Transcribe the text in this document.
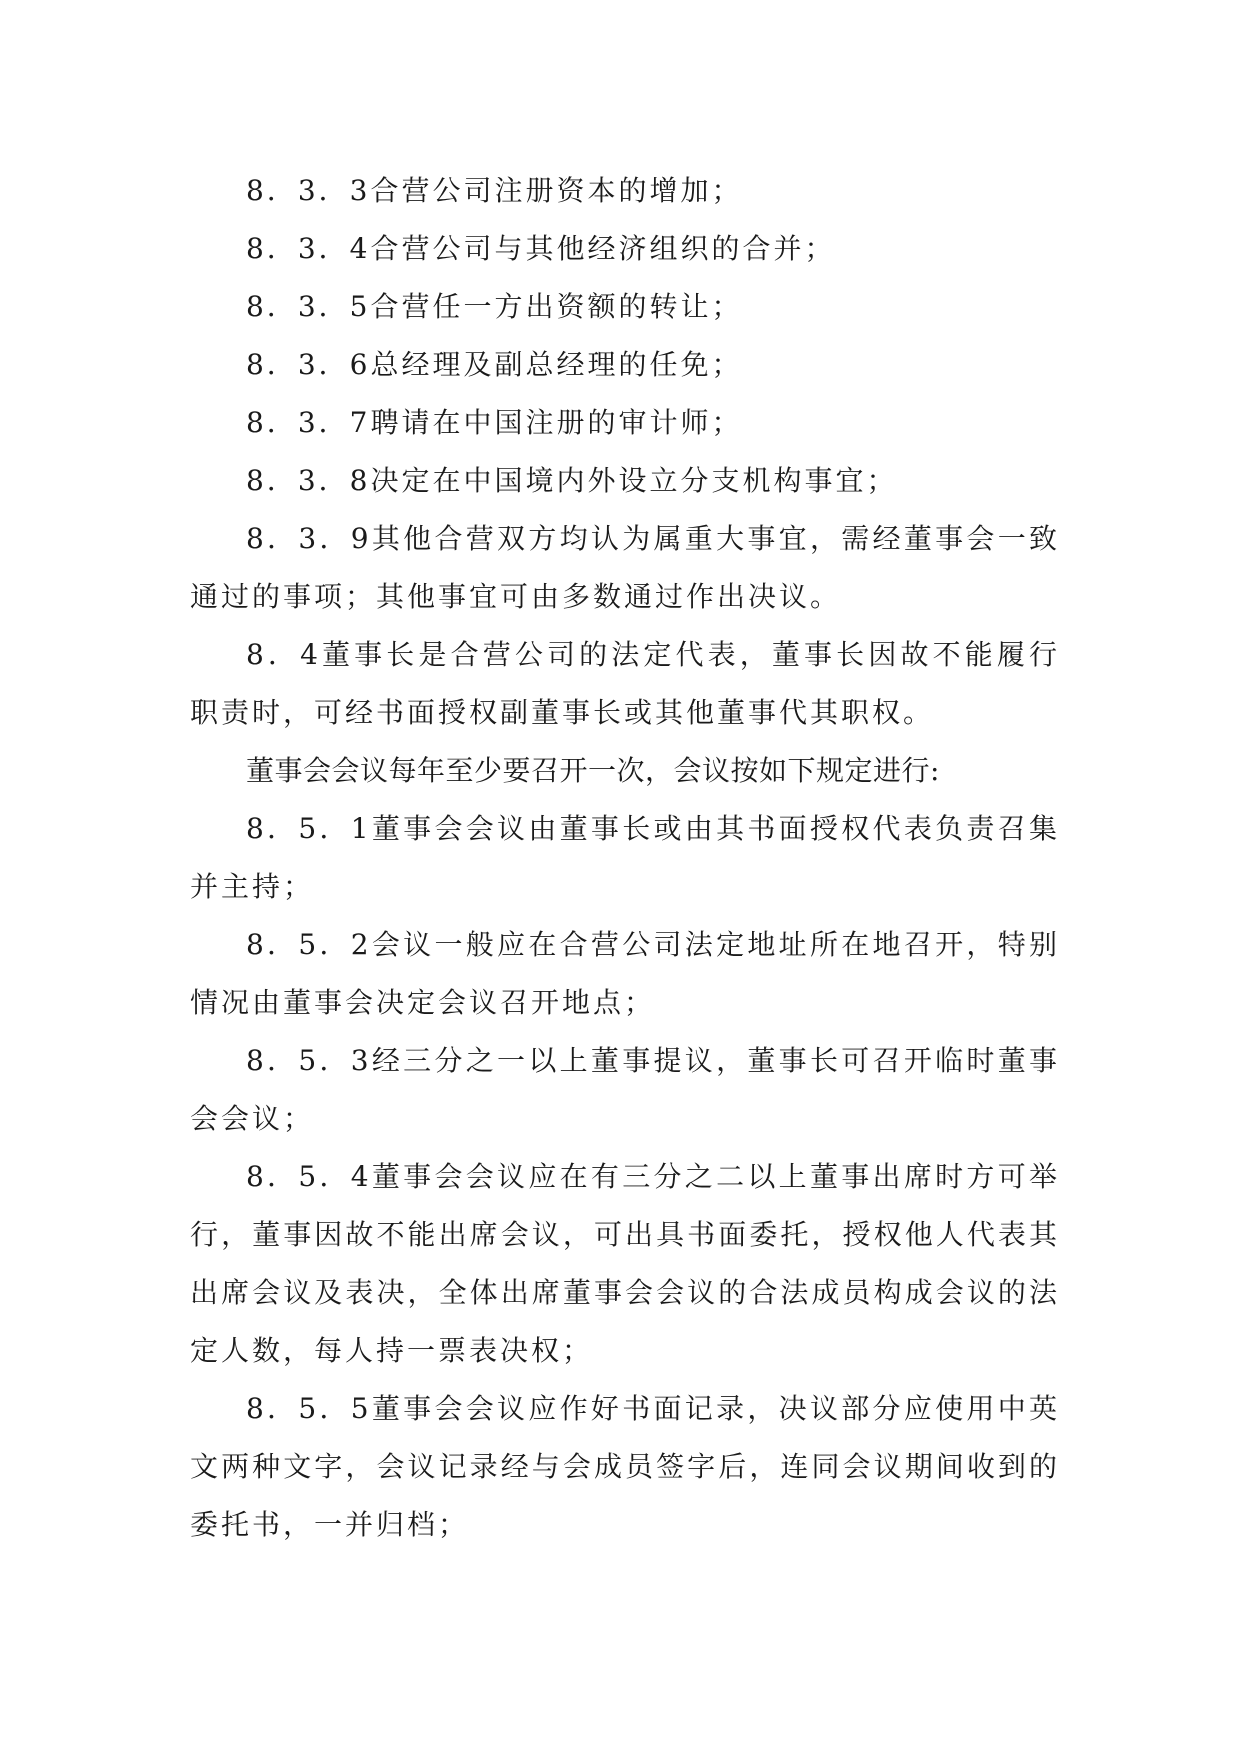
8．3．3合营公司注册资本的增加；

8．3．4合营公司与其他经济组织的合并；

8．3．5合营任一方出资额的转让；

8．3．6总经理及副总经理的任免；

8．3．7聘请在中国注册的审计师；

8．3．8决定在中国境内外设立分支机构事宜；

8．3．9其他合营双方均认为属重大事宜，需经董事会一致通过的事项；其他事宜可由多数通过作出决议。

8．4董事长是合营公司的法定代表，董事长因故不能履行职责时，可经书面授权副董事长或其他董事代其职权。

董事会会议每年至少要召开一次，会议按如下规定进行:

8．5．1董事会会议由董事长或由其书面授权代表负责召集并主持；

8．5．2会议一般应在合营公司法定地址所在地召开，特别情况由董事会决定会议召开地点；

8．5．3经三分之一以上董事提议，董事长可召开临时董事会会议；

8．5．4董事会会议应在有三分之二以上董事出席时方可举行，董事因故不能出席会议，可出具书面委托，授权他人代表其出席会议及表决，全体出席董事会会议的合法成员构成会议的法定人数，每人持一票表决权；

8．5．5董事会会议应作好书面记录，决议部分应使用中英文两种文字，会议记录经与会成员签字后，连同会议期间收到的委托书，一并归档；
